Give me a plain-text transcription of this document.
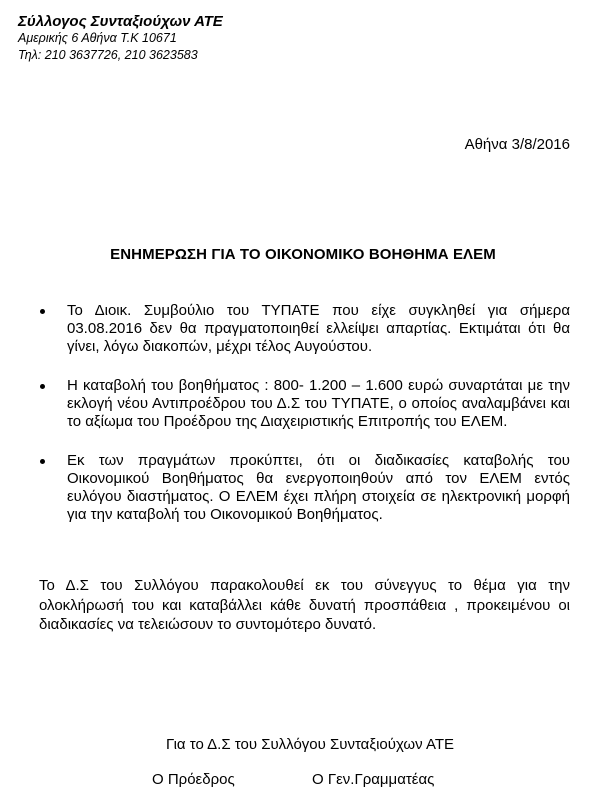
Σύλλογος Συνταξιούχων ΑΤΕ
Αμερικής 6 Αθήνα Τ.Κ 10671
Τηλ: 210 3637726, 210 3623583
Αθήνα 3/8/2016
ΕΝΗΜΕΡΩΣΗ ΓΙΑ ΤΟ ΟΙΚΟΝΟΜΙΚΟ ΒΟΗΘΗΜΑ ΕΛΕΜ
Το Διοικ. Συμβούλιο του ΤΥΠΑΤΕ που είχε συγκληθεί για σήμερα 03.08.2016 δεν θα πραγματοποιηθεί ελλείψει απαρτίας. Εκτιμάται ότι θα γίνει, λόγω διακοπών, μέχρι τέλος Αυγούστου.
Η καταβολή του βοηθήματος : 800- 1.200 – 1.600 ευρώ συναρτάται με την εκλογή νέου Αντιπροέδρου του Δ.Σ του ΤΥΠΑΤΕ, ο οποίος αναλαμβάνει και το αξίωμα του Προέδρου της Διαχειριστικής Επιτροπής του ΕΛΕΜ.
Εκ των πραγμάτων προκύπτει, ότι οι διαδικασίες καταβολής του Οικονομικού Βοηθήματος θα ενεργοποιηθούν από τον ΕΛΕΜ εντός ευλόγου διαστήματος. Ο ΕΛΕΜ έχει πλήρη στοιχεία σε ηλεκτρονική μορφή για την καταβολή του Οικονομικού Βοηθήματος.
Το Δ.Σ του Συλλόγου παρακολουθεί εκ του σύνεγγυς το θέμα για την ολοκλήρωσή του και καταβάλλει κάθε δυνατή προσπάθεια , προκειμένου οι διαδικασίες να τελειώσουν το συντομότερο δυνατό.
Για το Δ.Σ του Συλλόγου Συνταξιούχων ΑΤΕ
Ο Πρόεδρος	Ο Γεν.Γραμματέας
